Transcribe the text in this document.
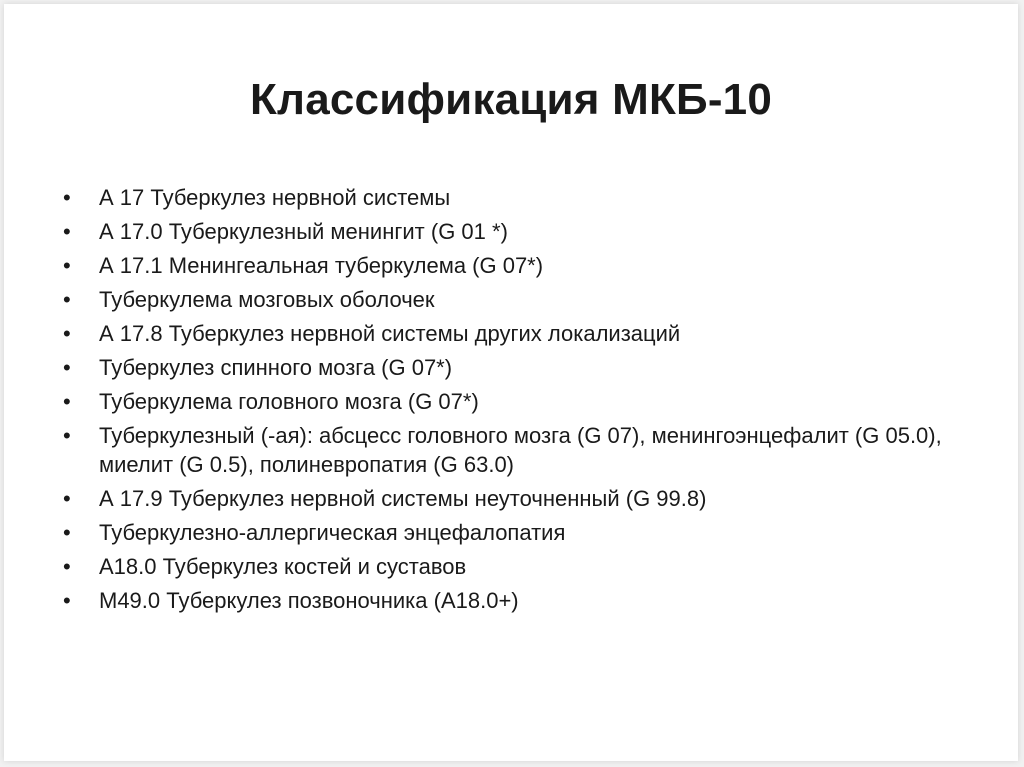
Классификация МКБ-10
• А 17 Туберкулез нервной системы
• А 17.0 Туберкулезный менингит (G 01 *)
• А 17.1 Менингеальная туберкулема (G 07*)
• Туберкулема мозговых оболочек
• А 17.8 Туберкулез нервной системы других локализаций
• Туберкулез спинного мозга (G 07*)
• Туберкулема головного мозга (G 07*)
• Туберкулезный (-ая): абсцесс головного мозга (G 07), менингоэнцефалит (G 05.0), миелит (G 0.5), полиневропатия (G 63.0)
• А 17.9 Туберкулез нервной системы неуточненный (G 99.8)
• Туберкулезно-аллергическая энцефалопатия
• А18.0 Туберкулез костей и суставов
• М49.0 Туберкулез позвоночника (А18.0+)
